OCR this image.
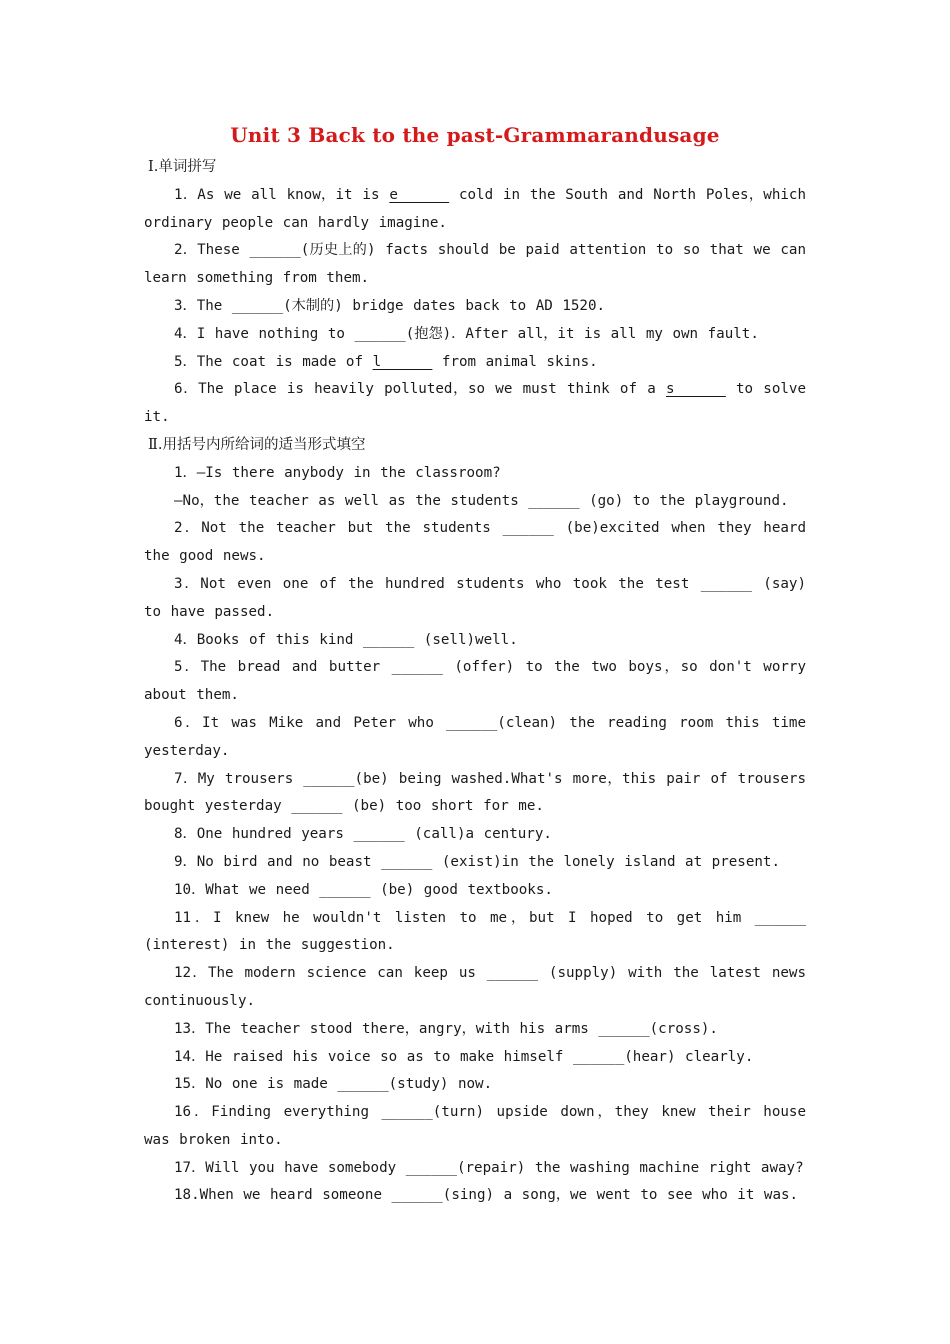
Unit 3 Back to the past-Grammarandusage

Ⅰ.单词拼写

1．As we all know，it is e______ cold in the South and North Poles，which ordinary people can hardly imagine.

2．These ______(历史上的) facts should be paid attention to so that we can learn something from them.

3．The ______(木制的) bridge dates back to AD 1520.

4．I have nothing to ______(抱怨)．After all，it is all my own fault.

5．The coat is made of l______ from animal skins.

6．The place is heavily polluted，so we must think of a s______ to solve it.

Ⅱ.用括号内所给词的适当形式填空

1．—Is there anybody in the classroom?

—No，the teacher as well as the students ______ (go) to the playground.

2．Not the teacher but the students ______ (be)excited when they heard the good news.

3．Not even one of the hundred students who took the test ______ (say) to have passed.

4．Books of this kind ______ (sell)well.

5．The bread and butter ______ (offer) to the two boys，so don't worry about them.

6．It was Mike and Peter who ______(clean) the reading room this time yesterday.

7．My trousers ______(be) being washed.What's more，this pair of trousers bought yesterday ______ (be) too short for me.

8．One hundred years ______ (call)a century.

9．No bird and no beast ______ (exist)in the lonely island at present.

10．What we need ______ (be) good textbooks.

11．I knew he wouldn't listen to me，but I hoped to get him ______ (interest) in the suggestion.

12．The modern science can keep us ______ (supply) with the latest news continuously.

13．The teacher stood there，angry，with his arms ______(cross).

14．He raised his voice so as to make himself ______(hear) clearly.

15．No one is made ______(study) now.

16．Finding everything ______(turn) upside down，they knew their house was broken into.

17．Will you have somebody ______(repair) the washing machine right away?

18.When we heard someone ______(sing) a song，we went to see who it was.
